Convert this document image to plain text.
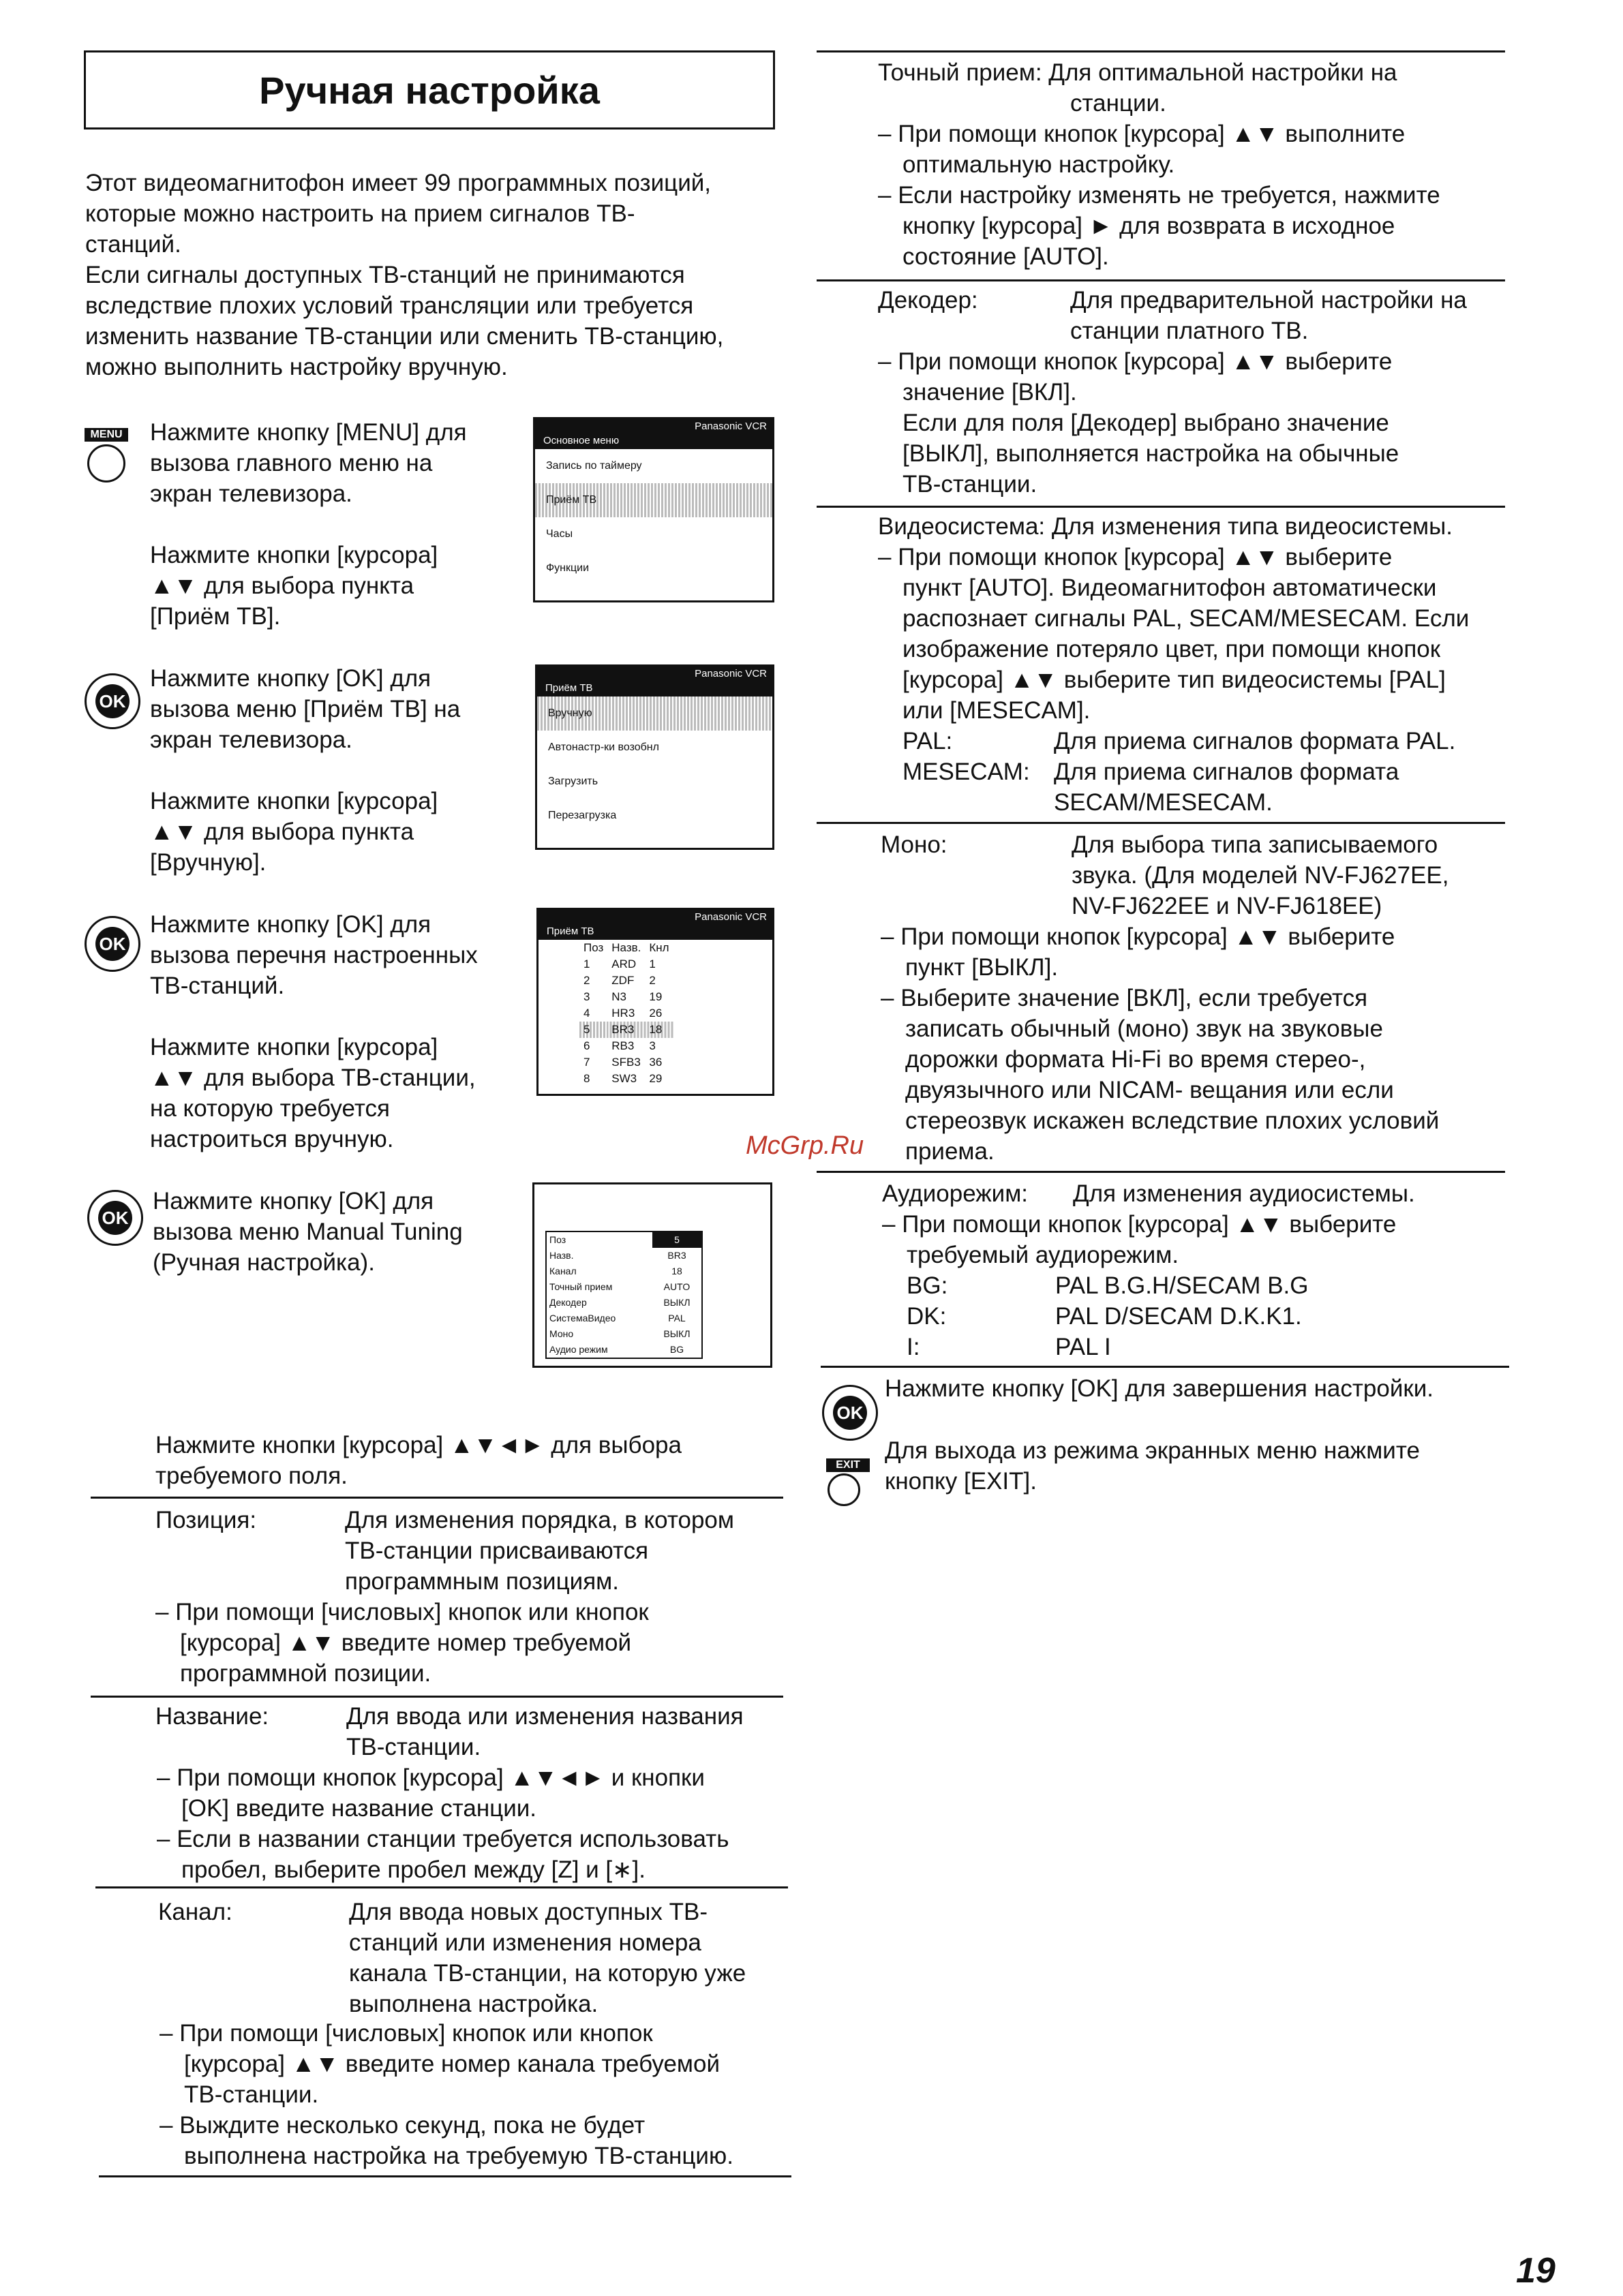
Ручная настройка
Этот видеомагнитофон имеет 99 программных позиций,
которые можно настроить на прием сигналов ТВ-
станций.
Если сигналы доступных ТВ-станций не принимаются
вследствие плохих условий трансляции или требуется
изменить название ТВ-станции или сменить ТВ-станцию,
можно выполнить настройку вручную.
MENU Нажмите кнопку [MENU] для
вызова главного меню на
экран телевизора.
Нажмите кнопки [курсора]
▲▼ для выбора пункта
[Приём ТВ].
Основное меню
Panasonic VCR
Запись по таймеру
Приём ТВ
Часы
Функции
OK
Нажмите кнопку [OK] для
вызова меню [Приём ТВ] на
экран телевизора.
Нажмите кнопки [курсора]
▲▼ для выбора пункта
[Вручную].
Приём ТВ
Panasonic VCR
Вручную
Автонастр-ки возобнл
Загрузить
Перезагрузка
OK
Нажмите кнопку [OK] для
вызова перечня настроенных
ТВ-станций.
Нажмите кнопки [курсора]
▲▼ для выбора ТВ-станции,
на которую требуется
настроиться вручную.
Приём ТВ
Panasonic VCR
Поз	Назв.	Кнл
1	ARD	1
2	ZDF	2
3	N3	19
4	HR3	26
5	BR3	18
6	RB3	3
7	SFB3	36
8	SW3	29
OK
Нажмите кнопку [OK] для
вызова меню Manual Tuning
(Ручная настройка).
Поз	5
Назв.	BR3
Канал	18
Точный прием	AUTO
Декодер	ВЫКЛ
СистемаВидео	PAL
Моно	ВЫКЛ
Аудио режим	BG
Нажмите кнопки [курсора] ▲▼◄► для выбора
требуемого поля.
Позиция:	Для изменения порядка, в котором
ТВ-станции присваиваются
программным позициям.
– При помощи [числовых] кнопок или кнопок
[курсора] ▲▼ введите номер требуемой
программной позиции.
Название:	Для ввода или изменения названия
ТВ-станции.
– При помощи кнопок [курсора] ▲▼◄► и кнопки
[OK] введите название станции.
– Если в названии станции требуется использовать
пробел, выберите пробел между [Z] и [∗].
Канал:	Для ввода новых доступных ТВ-
станций или изменения номера
канала ТВ-станции, на которую уже
выполнена настройка.
– При помощи [числовых] кнопок или кнопок
[курсора] ▲▼ введите номер канала требуемой
ТВ-станции.
– Выждите несколько секунд, пока не будет
выполнена настройка на требуемую ТВ-станцию.
Точный прием: Для оптимальной настройки на
станции.
– При помощи кнопок [курсора] ▲▼ выполните
оптимальную настройку.
– Если настройку изменять не требуется, нажмите
кнопку [курсора] ► для возврата в исходное
состояние [AUTO].
Декодер:	Для предварительной настройки на
станции платного ТВ.
– При помощи кнопок [курсора] ▲▼ выберите
значение [ВКЛ].
Если для поля [Декодер] выбрано значение
[ВЫКЛ], выполняется настройка на обычные
ТВ-станции.
Видеосистема: Для изменения типа видеосистемы.
– При помощи кнопок [курсора] ▲▼ выберите
пункт [AUTO]. Видеомагнитофон автоматически
распознает сигналы PAL, SECAM/MESECAM. Если
изображение потеряло цвет, при помощи кнопок
[курсора] ▲▼ выберите тип видеосистемы [PAL]
или [MESECAM].
PAL:	Для приема сигналов формата PAL.
MESECAM: Для приема сигналов формата
SECAM/MESECAM.
Моно:	Для выбора типа записываемого
звука. (Для моделей NV-FJ627EE,
NV-FJ622EE и NV-FJ618EE)
– При помощи кнопок [курсора] ▲▼ выберите
пункт [ВЫКЛ].
– Выберите значение [ВКЛ], если требуется
записать обычный (моно) звук на звуковые
дорожки формата Hi-Fi во время стерео-,
двуязычного или NICAM- вещания или если
стереозвук искажен вследствие плохих условий
приема.
Аудиорежим: Для изменения аудиосистемы.
– При помощи кнопок [курсора] ▲▼ выберите
требуемый аудиорежим.
BG:	PAL B.G.H/SECAM B.G
DK:	PAL D/SECAM D.K.K1.
I:	PAL I
OK
Нажмите кнопку [OK] для завершения настройки.
EXIT
Для выхода из режима экранных меню нажмите
кнопку [EXIT].
McGrp.Ru
19
